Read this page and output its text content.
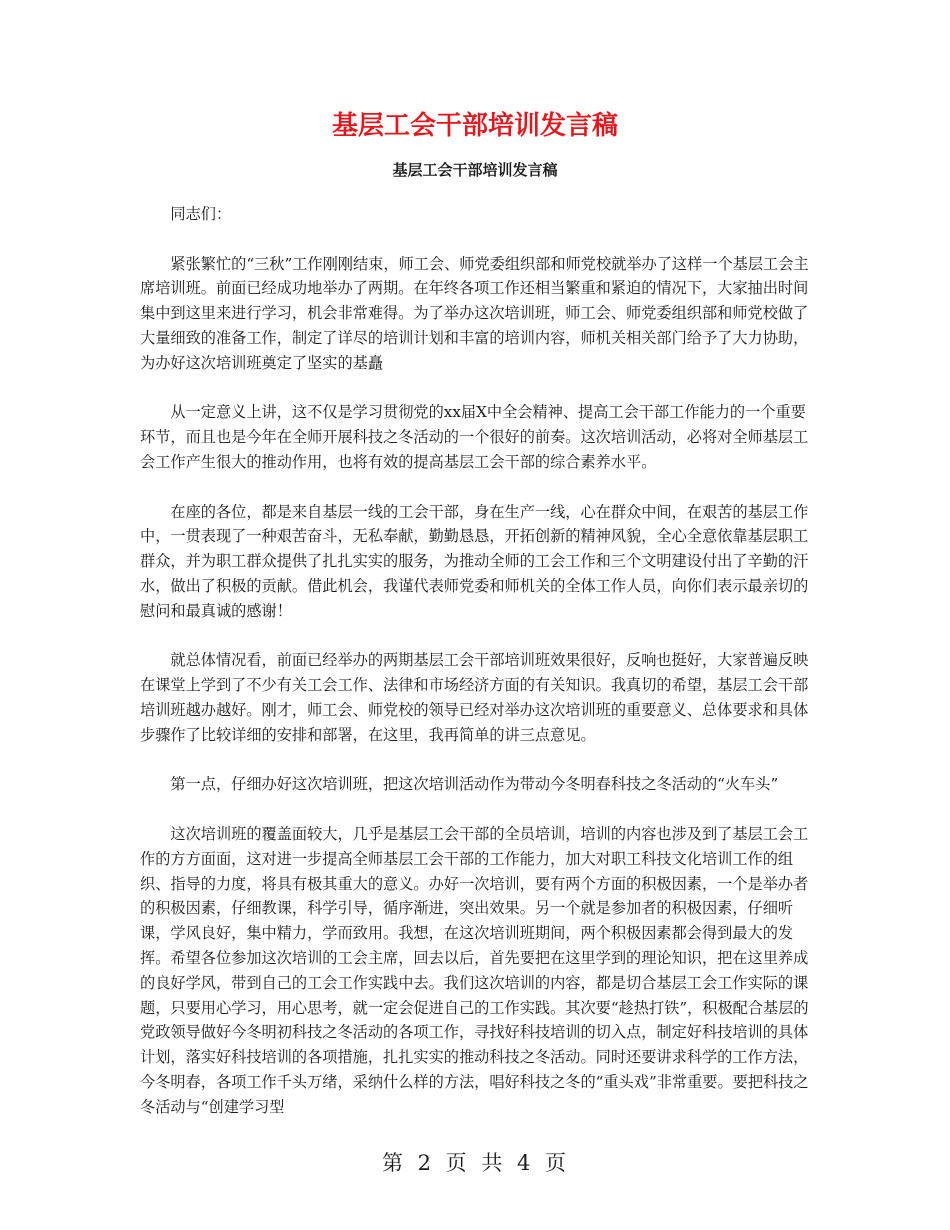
基层工会干部培训发言稿
基层工会干部培训发言稿

同志们：

紧张繁忙的“三秋”工作刚刚结束，师工会、师党委组织部和师党校就举办了这样一个基层工会主席培训班。前面已经成功地举办了两期。在年终各项工作还相当繁重和紧迫的情况下，大家抽出时间集中到这里来进行学习，机会非常难得。为了举办这次培训班，师工会、师党委组织部和师党校做了大量细致的准备工作，制定了详尽的培训计划和丰富的培训内容，师机关相关部门给予了大力协助，为办好这次培训班奠定了坚实的基矗

从一定意义上讲，这不仅是学习贯彻党的xx届X中全会精神、提高工会干部工作能力的一个重要环节，而且也是今年在全师开展科技之冬活动的一个很好的前奏。这次培训活动，必将对全师基层工会工作产生很大的推动作用，也将有效的提高基层工会干部的综合素养水平。

在座的各位，都是来自基层一线的工会干部，身在生产一线，心在群众中间，在艰苦的基层工作中，一贯表现了一种艰苦奋斗，无私奉献，勤勤恳恳，开拓创新的精神风貌，全心全意依靠基层职工群众，并为职工群众提供了扎扎实实的服务，为推动全师的工会工作和三个文明建设付出了辛勤的汗水，做出了积极的贡献。借此机会，我谨代表师党委和师机关的全体工作人员，向你们表示最亲切的慰问和最真诚的感谢！

就总体情况看，前面已经举办的两期基层工会干部培训班效果很好，反响也挺好，大家普遍反映在课堂上学到了不少有关工会工作、法律和市场经济方面的有关知识。我真切的希望，基层工会干部培训班越办越好。刚才，师工会、师党校的领导已经对举办这次培训班的重要意义、总体要求和具体步骤作了比较详细的安排和部署，在这里，我再简单的讲三点意见。

第一点，仔细办好这次培训班，把这次培训活动作为带动今冬明春科技之冬活动的“火车头”

这次培训班的覆盖面较大，几乎是基层工会干部的全员培训，培训的内容也涉及到了基层工会工作的方方面面，这对进一步提高全师基层工会干部的工作能力，加大对职工科技文化培训工作的组织、指导的力度，将具有极其重大的意义。办好一次培训，要有两个方面的积极因素，一个是举办者的积极因素，仔细教课，科学引导，循序渐进，突出效果。另一个就是参加者的积极因素，仔细听课，学风良好，集中精力，学而致用。我想，在这次培训班期间，两个积极因素都会得到最大的发挥。希望各位参加这次培训的工会主席，回去以后，首先要把在这里学到的理论知识，把在这里养成的良好学风，带到自己的工会工作实践中去。我们这次培训的内容，都是切合基层工会工作实际的课题，只要用心学习，用心思考，就一定会促进自己的工作实践。其次要“趁热打铁”，积极配合基层的党政领导做好今冬明初科技之冬活动的各项工作，寻找好科技培训的切入点，制定好科技培训的具体计划，落实好科技培训的各项措施，扎扎实实的推动科技之冬活动。同时还要讲求科学的工作方法，今冬明春，各项工作千头万绪，采纳什么样的方法，唱好科技之冬的“重头戏”非常重要。要把科技之冬活动与“创建学习型

第 2 页 共 4 页
